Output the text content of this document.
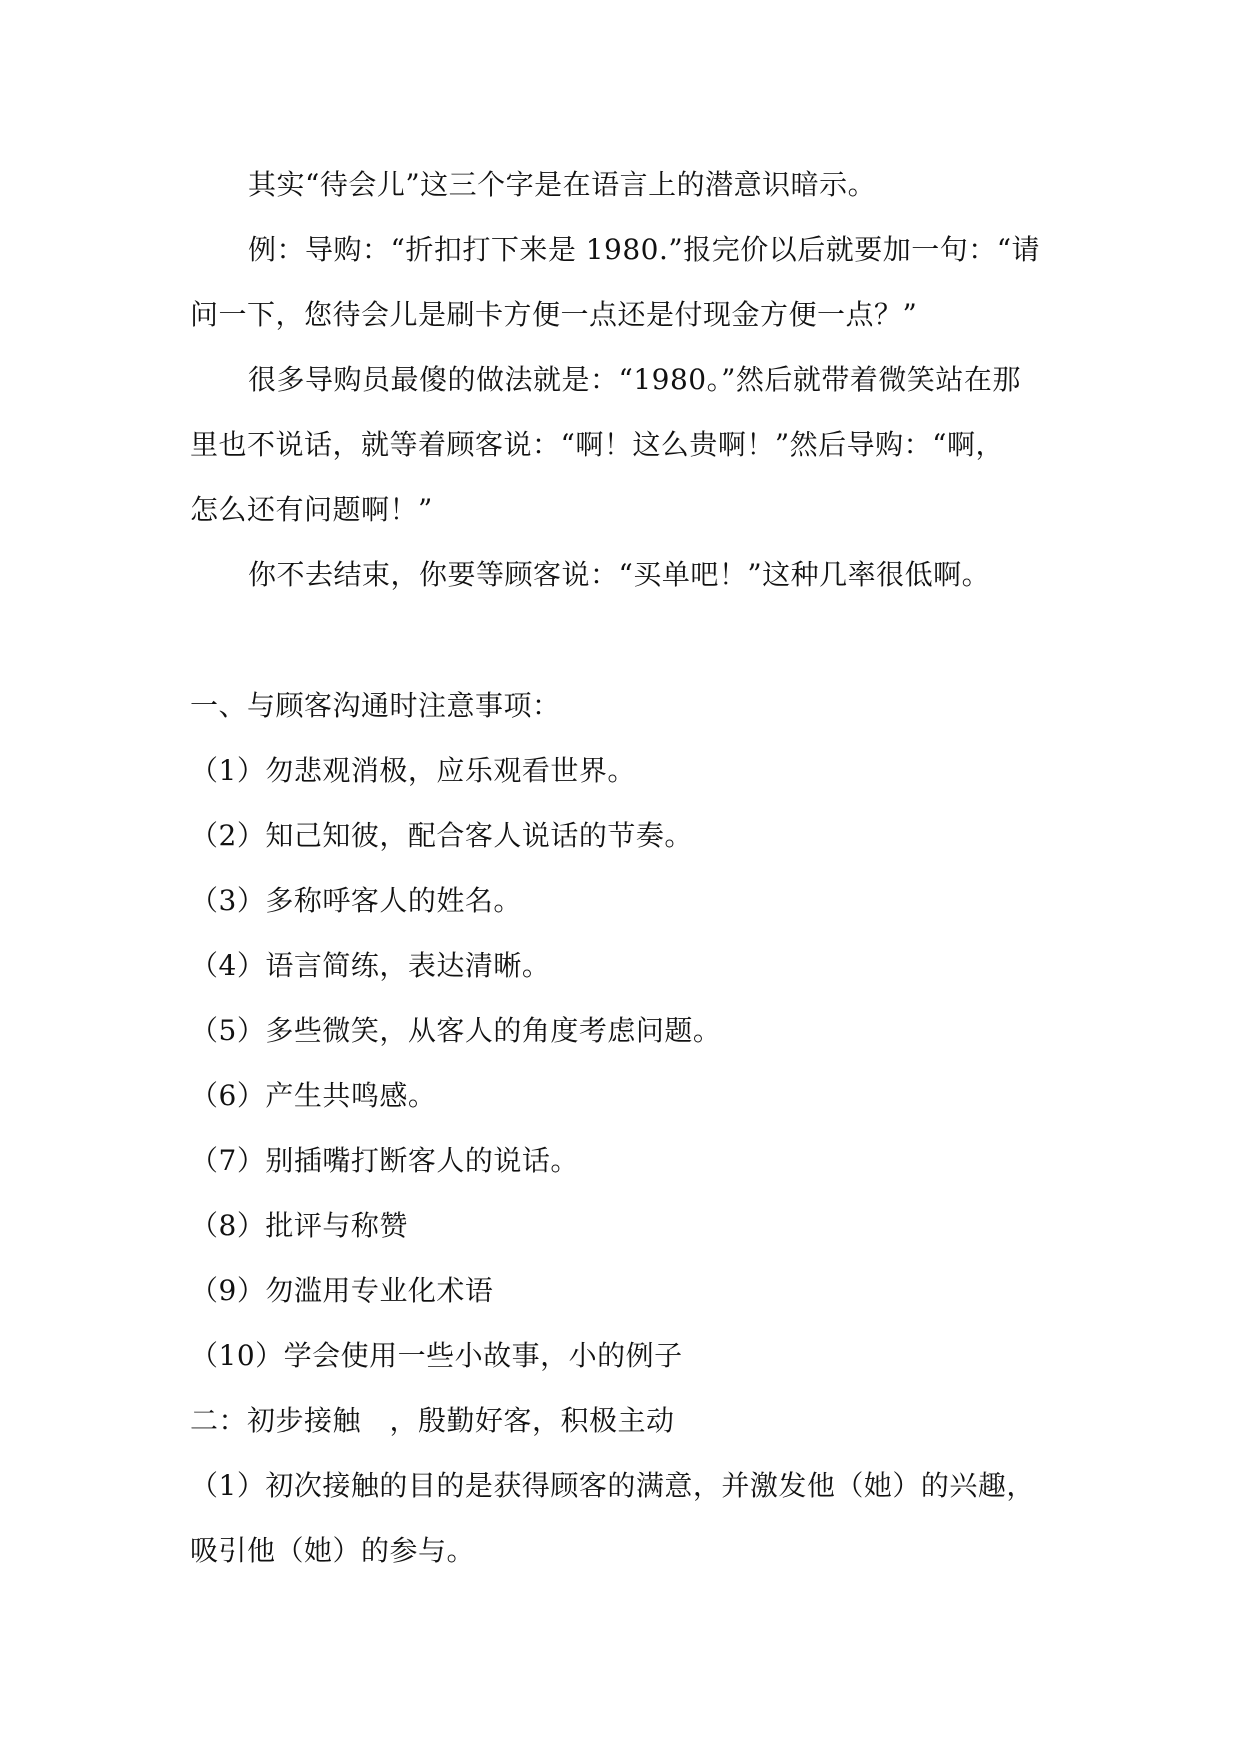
其实“待会儿”这三个字是在语言上的潜意识暗示。
例：导购：“折扣打下来是 1980.”报完价以后就要加一句：“请
问一下，您待会儿是刷卡方便一点还是付现金方便一点？”
很多导购员最傻的做法就是：“1980。”然后就带着微笑站在那
里也不说话，就等着顾客说：“啊！这么贵啊！”然后导购：“啊，
怎么还有问题啊！”
你不去结束，你要等顾客说：“买单吧！”这种几率很低啊。
一、与顾客沟通时注意事项：
（1）勿悲观消极，应乐观看世界。
（2）知己知彼，配合客人说话的节奏。
（3）多称呼客人的姓名。
（4）语言简练，表达清晰。
（5）多些微笑，从客人的角度考虑问题。
（6）产生共鸣感。
（7）别插嘴打断客人的说话。
（8）批评与称赞
（9）勿滥用专业化术语
（10）学会使用一些小故事，小的例子
二：初步接触　，殷勤好客，积极主动
（1）初次接触的目的是获得顾客的满意，并激发他（她）的兴趣，
吸引他（她）的参与。
